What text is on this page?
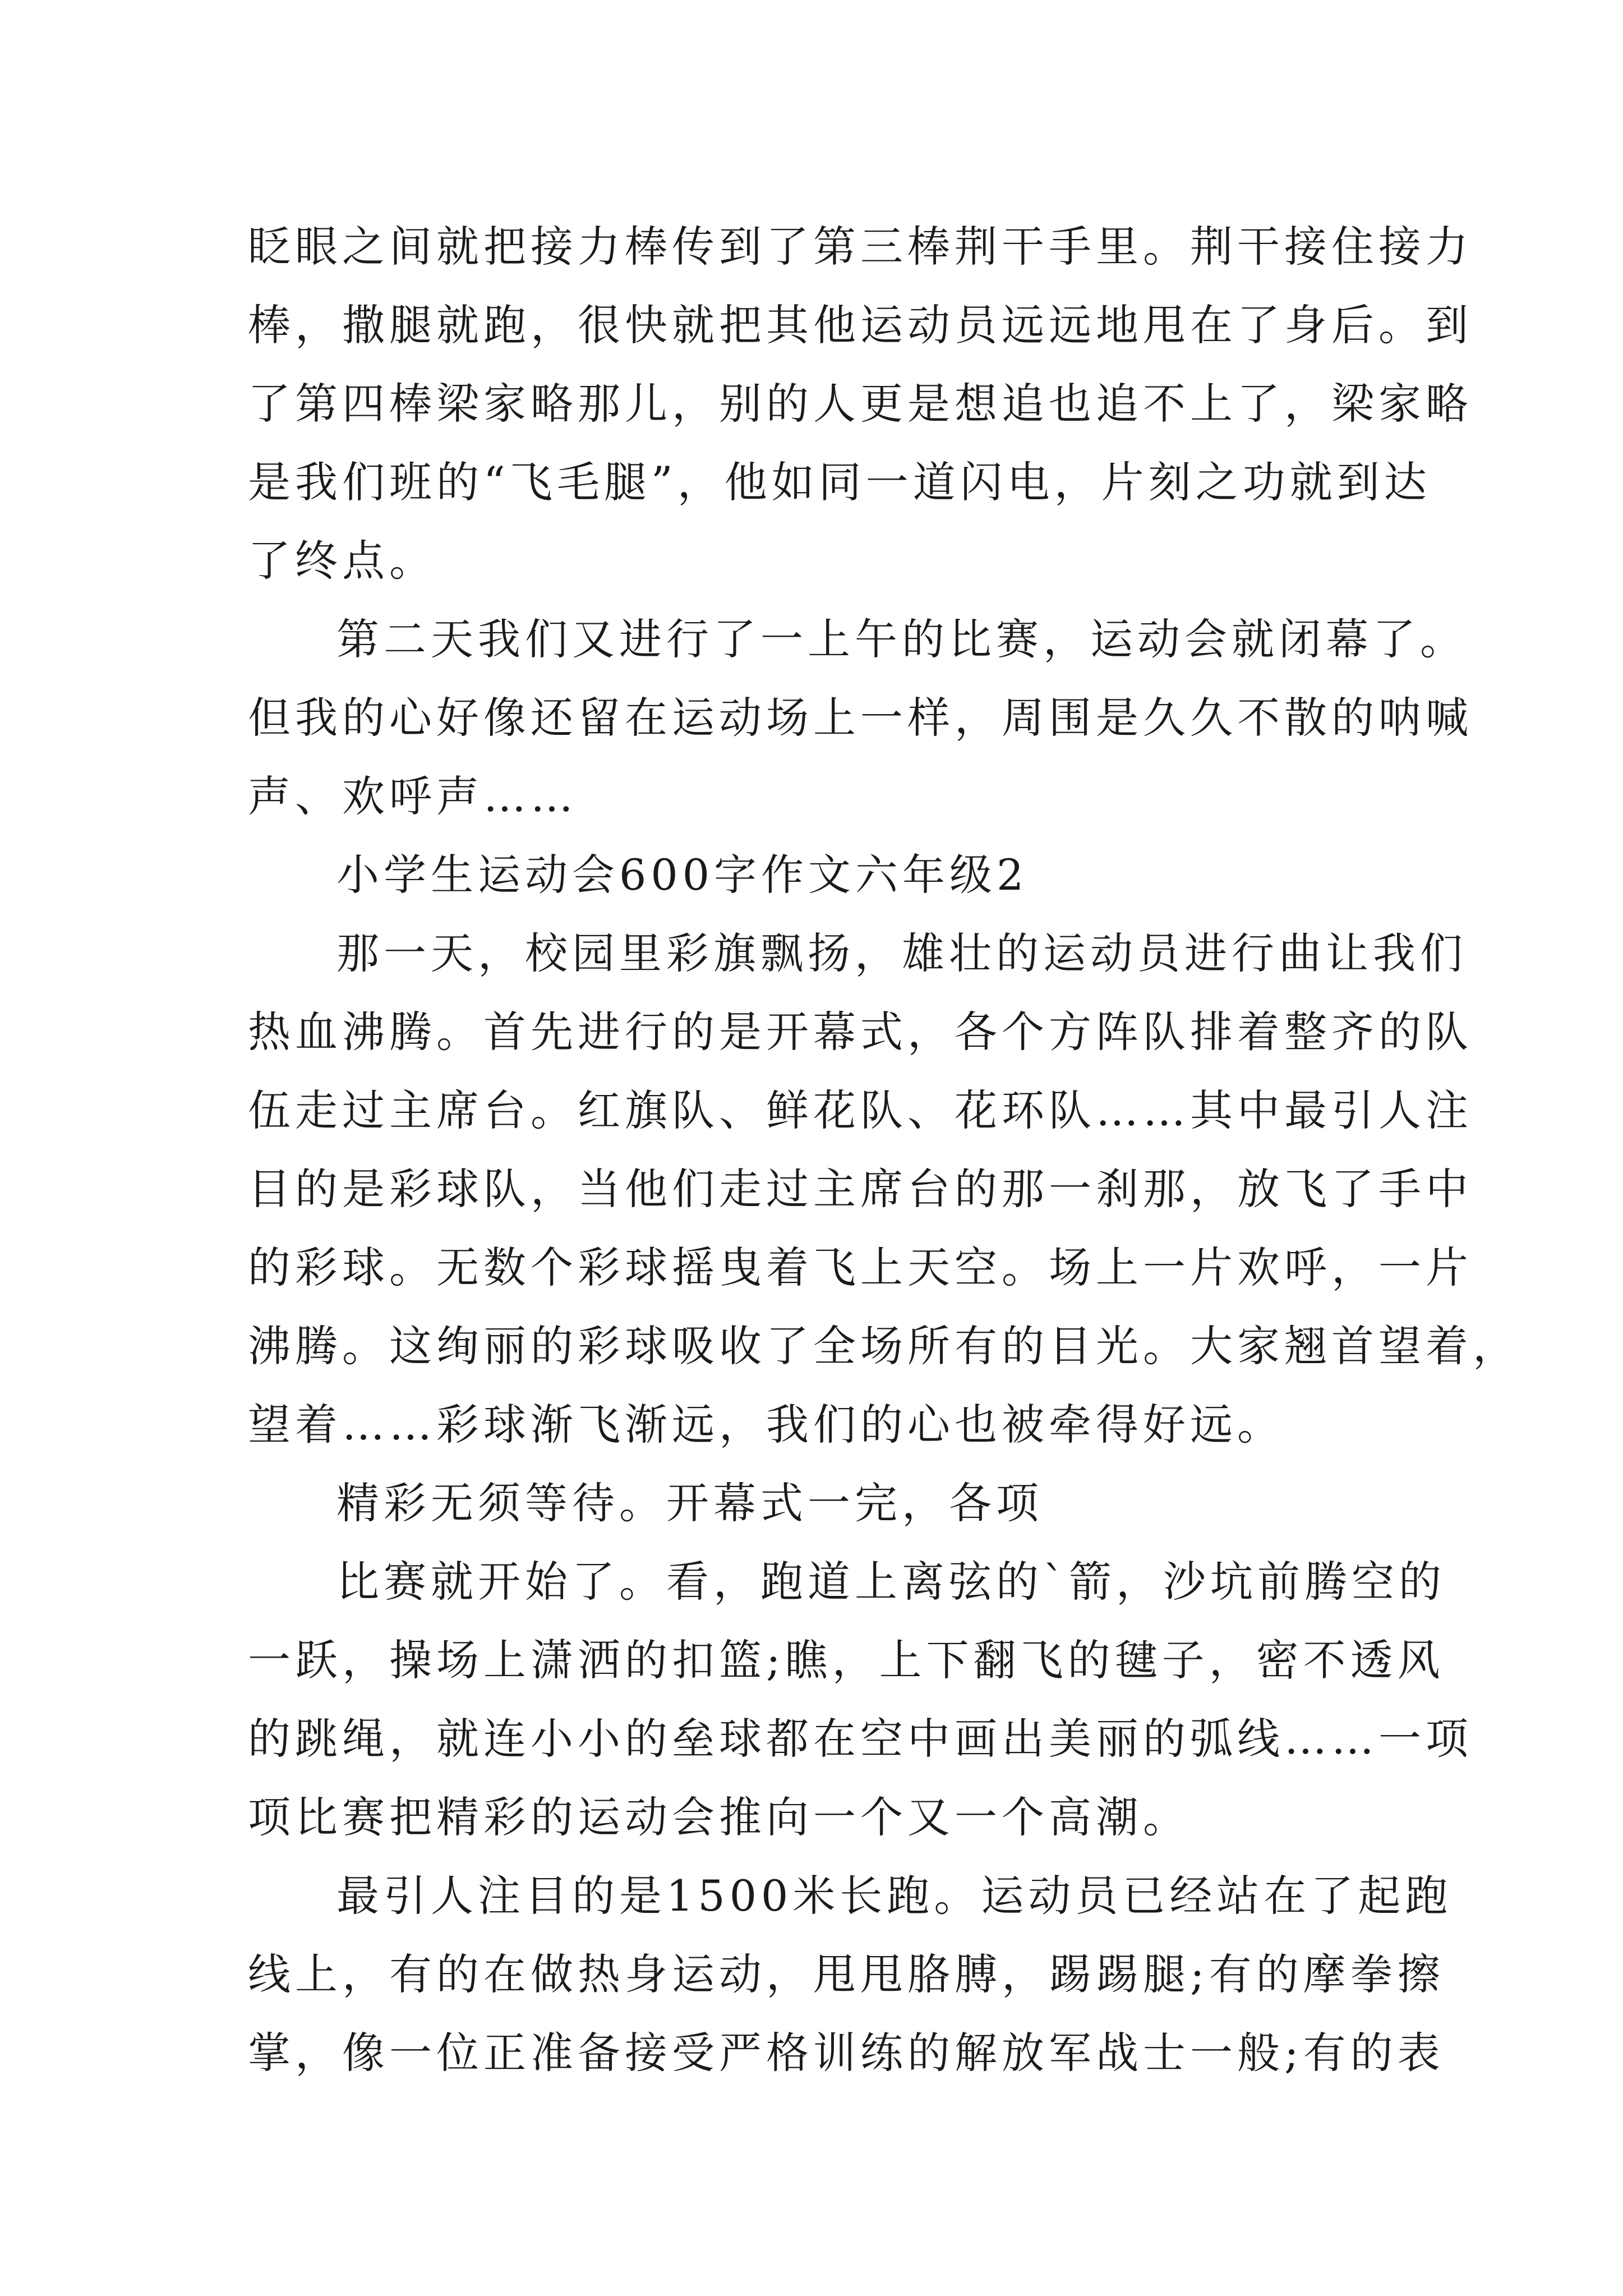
眨眼之间就把接力棒传到了第三棒荆干手里。荆干接住接力
棒，撒腿就跑，很快就把其他运动员远远地甩在了身后。到
了第四棒梁家略那儿，别的人更是想追也追不上了，梁家略
是我们班的“飞毛腿”，他如同一道闪电，片刻之功就到达
了终点。
第二天我们又进行了一上午的比赛，运动会就闭幕了。
但我的心好像还留在运动场上一样，周围是久久不散的呐喊
声、欢呼声……
小学生运动会600字作文六年级2
那一天，校园里彩旗飘扬，雄壮的运动员进行曲让我们
热血沸腾。首先进行的是开幕式，各个方阵队排着整齐的队
伍走过主席台。红旗队、鲜花队、花环队……其中最引人注
目的是彩球队，当他们走过主席台的那一刹那，放飞了手中
的彩球。无数个彩球摇曳着飞上天空。场上一片欢呼，一片
沸腾。这绚丽的彩球吸收了全场所有的目光。大家翘首望着，
望着……彩球渐飞渐远，我们的心也被牵得好远。
精彩无须等待。开幕式一完，各项
比赛就开始了。看，跑道上离弦的`箭，沙坑前腾空的
一跃，操场上潇洒的扣篮;瞧，上下翻飞的毽子，密不透风
的跳绳，就连小小的垒球都在空中画出美丽的弧线……一项
项比赛把精彩的运动会推向一个又一个高潮。
最引人注目的是1500米长跑。运动员已经站在了起跑
线上，有的在做热身运动，甩甩胳膊，踢踢腿;有的摩拳擦
掌，像一位正准备接受严格训练的解放军战士一般;有的表
